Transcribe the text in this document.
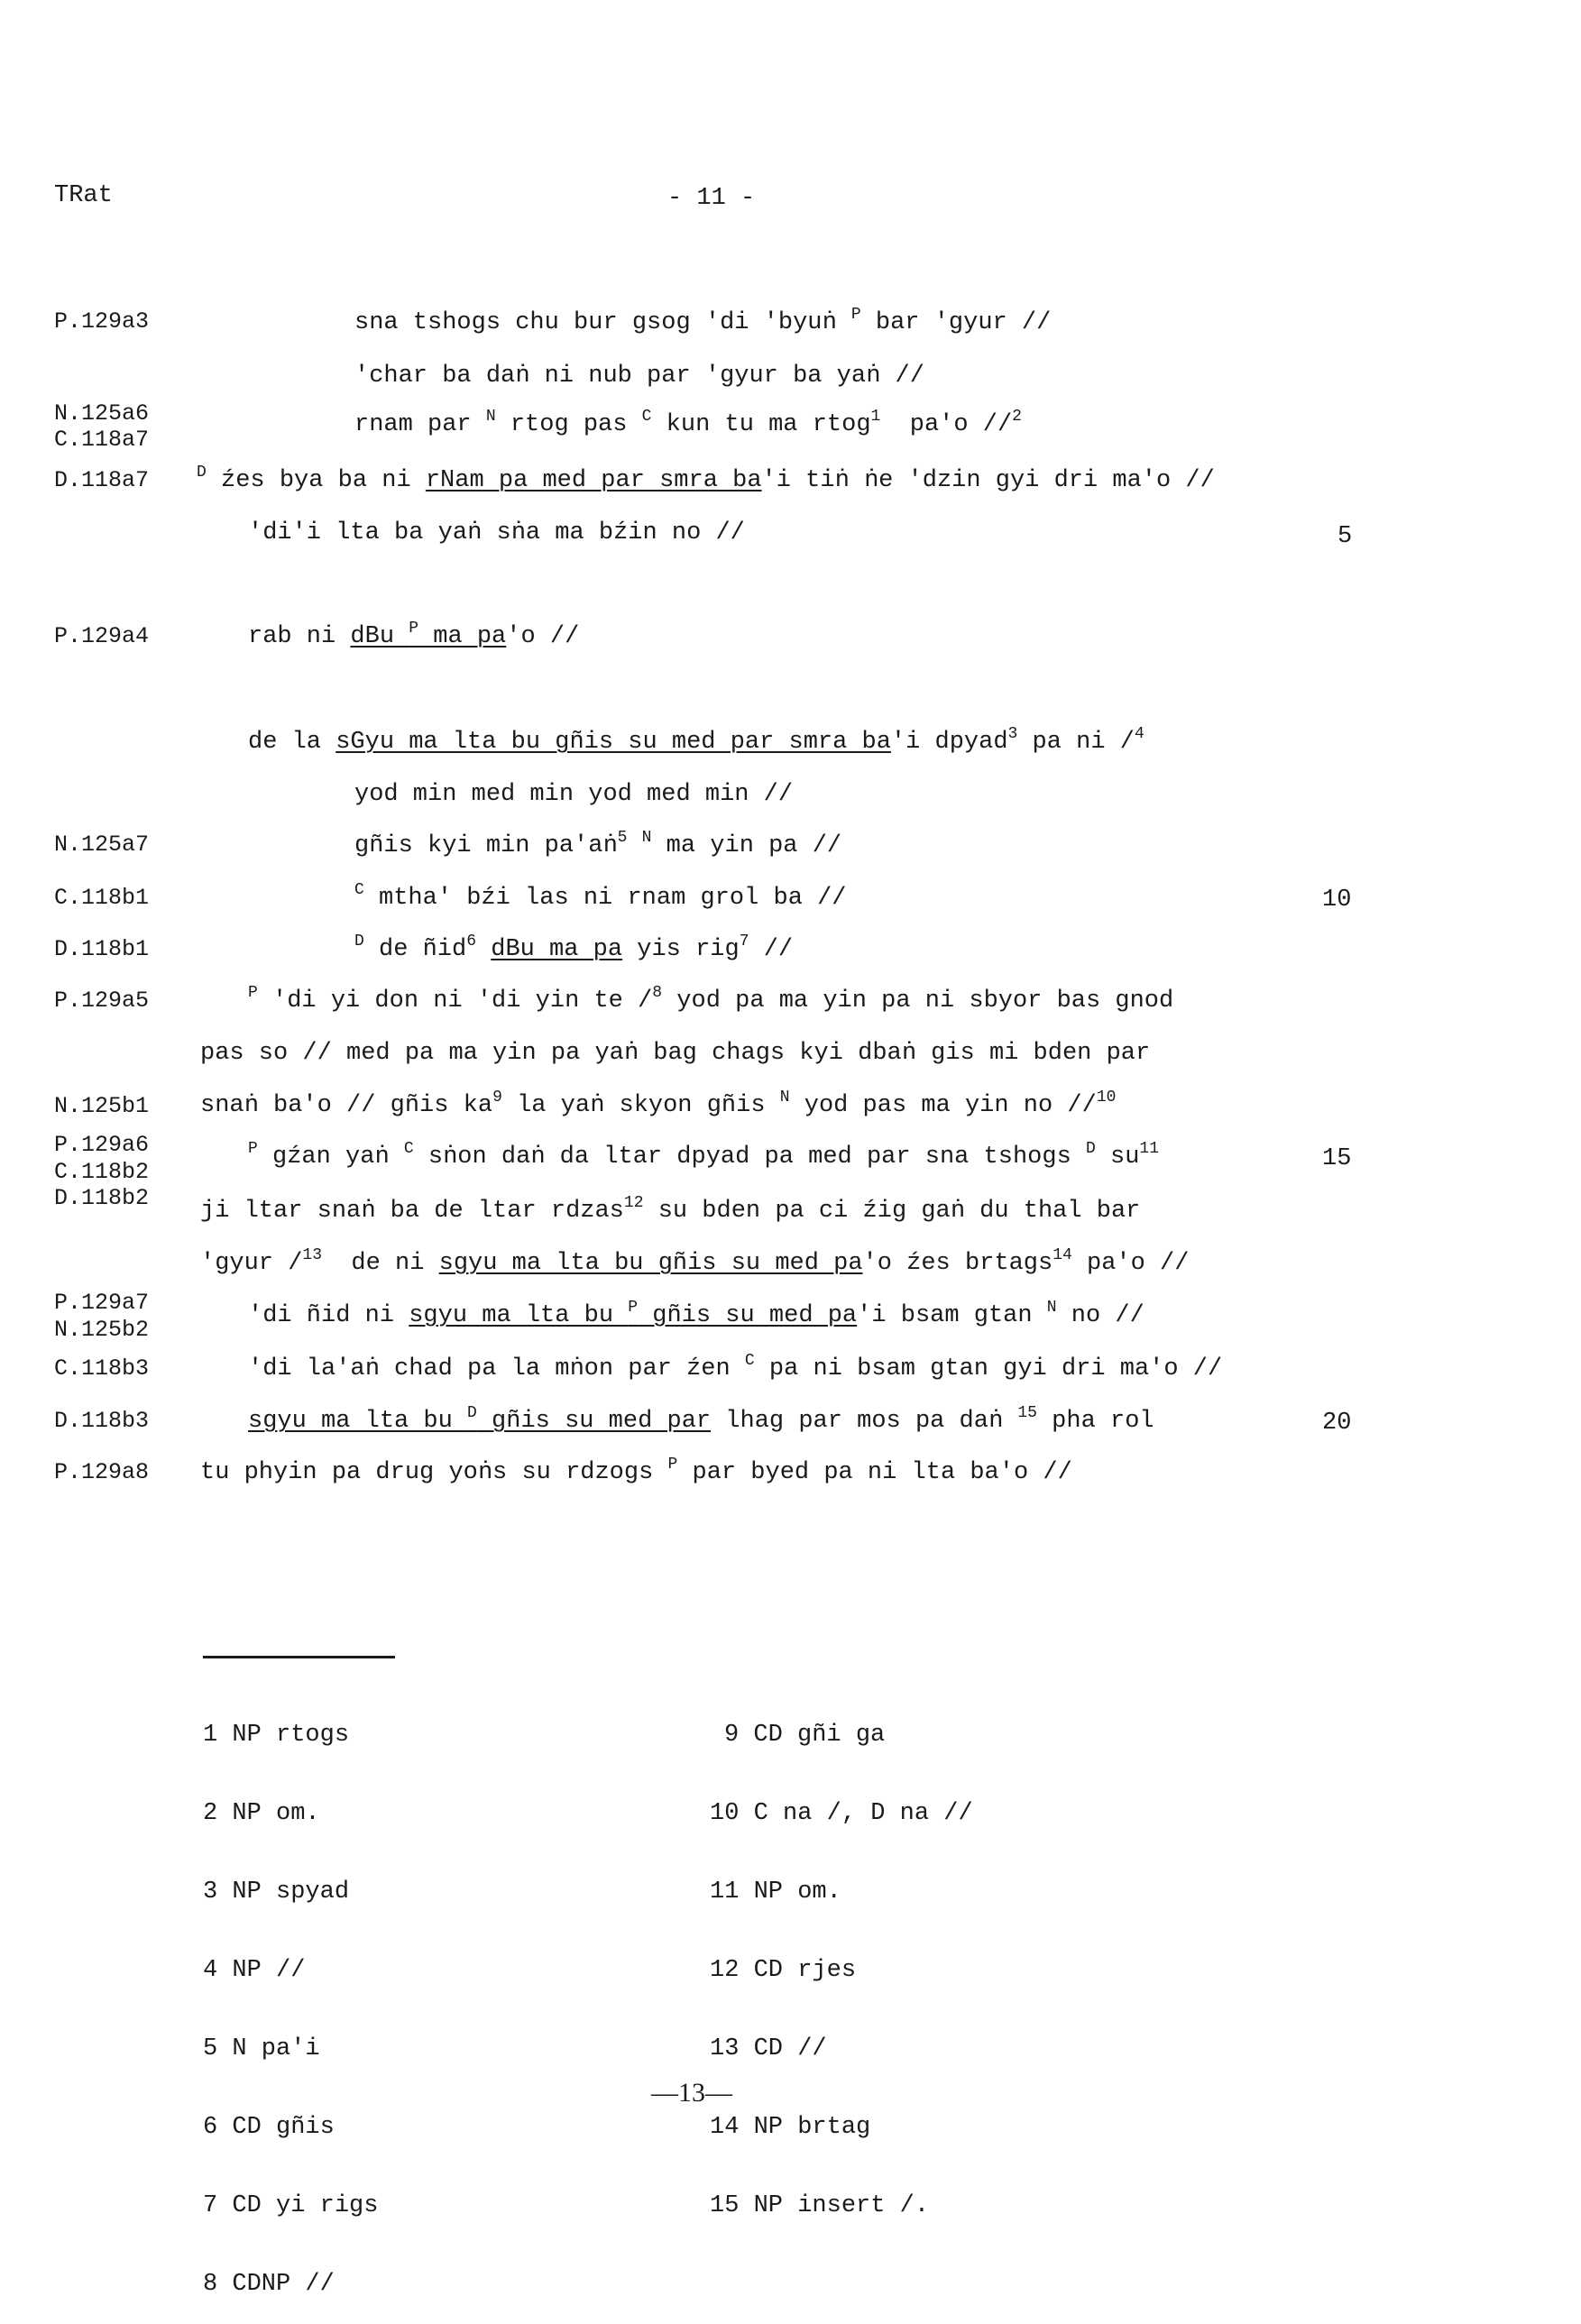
TRat	- 11 -
P.129a3
N.125a6
C.118a7
D.118a7
P.129a4
N.125a7
C.118b1
D.118b1
P.129a5
N.125b1
P.129a6
C.118b2
D.118b2
P.129a7
N.125b2
C.118b3
D.118b3
P.129a8
sna tshogs chu bur gsog 'di 'byuṅ $^P$ bar 'gyur //
'char ba daṅ ni nub par 'gyur ba yaṅ //
rnam par $^N$ rtog pas $^C$ kun tu ma rtog$^1$  pa'o //$^2$
$^D$ źes bya ba ni rNam pa med par smra ba'i tiṅ ṅe 'dzin gyi dri ma'o //
'di'i lta ba yaṅ sṅa ma bźin no //
rab ni dBu $^P$ ma pa'o //
de la sGyu ma lta bu gñis su med par smra ba'i dpyad$^3$ pa ni /$^4$
yod min med min yod med min //
gñis kyi min pa'aṅ$^5$ $^N$ ma yin pa //
$^C$ mtha' bźi las ni rnam grol ba //
$^D$ de ñid$^6$ dBu ma pa yis rig$^7$ //
$^P$ 'di yi don ni 'di yin te /$^8$ yod pa ma yin pa ni sbyor bas gnod
pas so // med pa ma yin pa yaṅ bag chags kyi dbaṅ gis mi bden par
snaṅ ba'o // gñis $ka^9$ la yaṅ skyon gñis $^N$ yod pas ma yin no //$^{10}$
$^P$ gźan yaṅ $^C$ sṅon daṅ da ltar dpyad pa med par sna tshogs $^D$ $su^{11}$
ji ltar snaṅ ba de ltar rdzas$^{12}$ su bden pa ci źig gaṅ du thal bar
'gyur /$^{13}$  de ni sgyu ma lta bu gñis su med pa'o źes brtags$^{14}$ pa'o //
'di ñid ni sgyu ma lta bu $^P$ gñis su med pa'i bsam gtan $^N$ no //
'di la'aṅ chad pa la mṅon par źen $^C$ pa ni bsam gtan gyi dri ma'o //
sgyu ma lta bu $^D$ gñis su med par lhag par mos pa daṅ $^{15}$ pha rol
tu phyin pa drug yoṅs su rdzogs $^P$ par byed pa ni lta ba'o //
5
10
15
20

1 NP rtogs

2 NP om.

3 NP spyad

4 NP //

5 N pa'i

6 CD gñis

7 CD yi rigs

8 CDNP //

9 CD gñi ga

10 C na /, D na //

11 NP om.

12 CD rjes

13 CD //

14 NP brtag

15 NP insert /.

—13—
